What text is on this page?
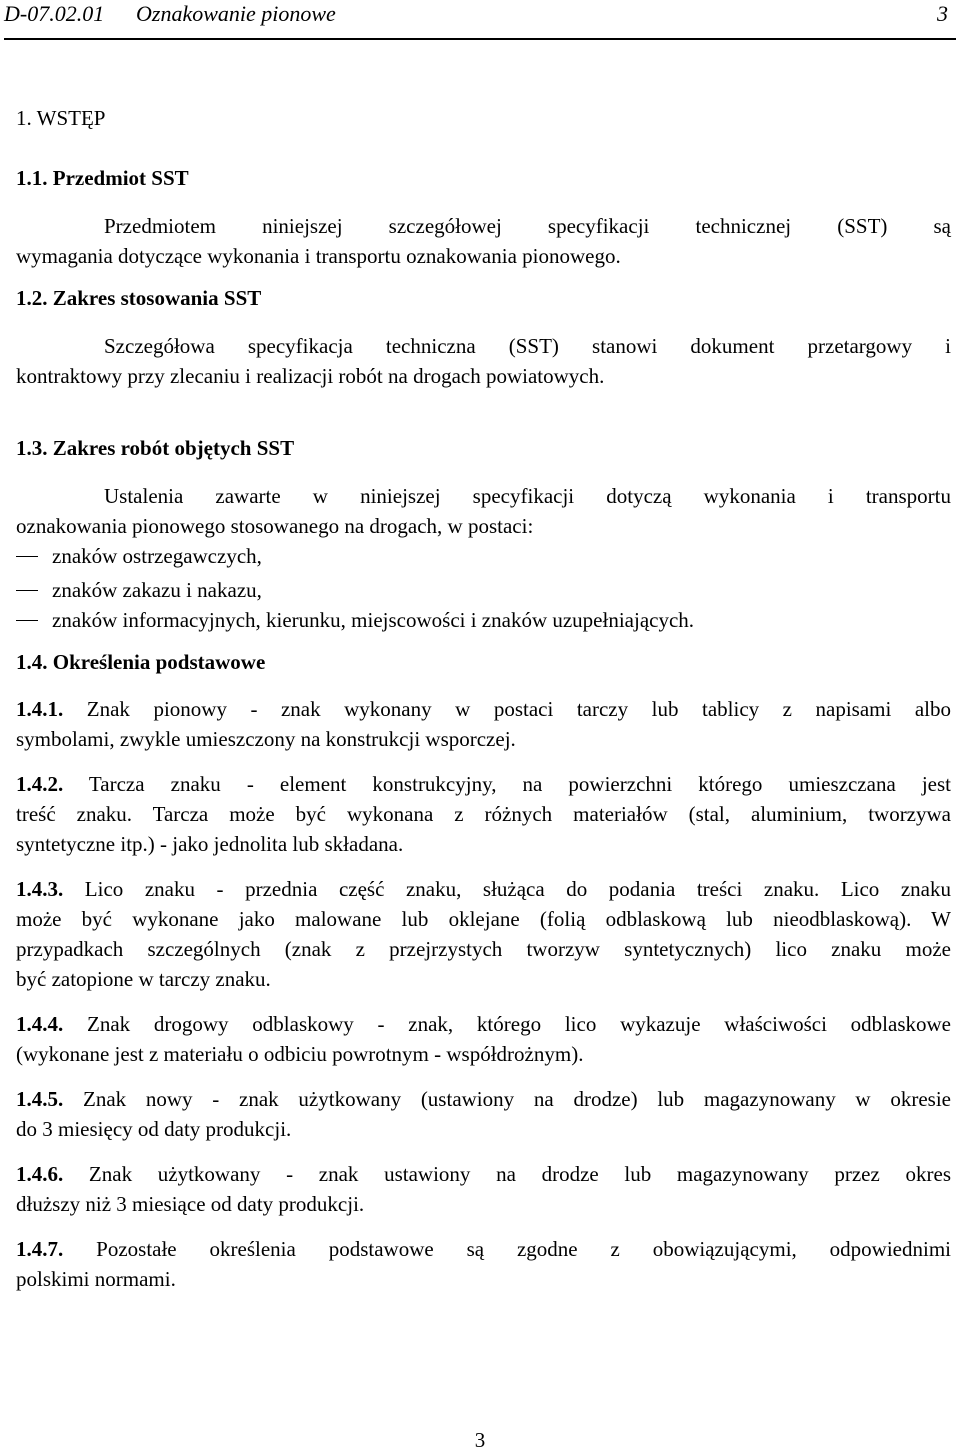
D-07.02.01 Oznakowanie pionowe	3
1. WSTĘP
1.1. Przedmiot SST
Przedmiotem niniejszej szczegółowej specyfikacji technicznej (SST) są
wymagania dotyczące wykonania i transportu oznakowania pionowego.
1.2. Zakres stosowania SST
Szczegółowa specyfikacja techniczna (SST) stanowi dokument przetargowy i
kontraktowy przy zlecaniu i realizacji robót na drogach powiatowych.
1.3. Zakres robót objętych SST
Ustalenia zawarte w niniejszej specyfikacji dotyczą wykonania i transportu
oznakowania pionowego stosowanego na drogach, w postaci:
znaków ostrzegawczych,
znaków zakazu i nakazu,
znaków informacyjnych, kierunku, miejscowości i znaków uzupełniających.
1.4. Określenia podstawowe
1.4.1. Znak pionowy - znak wykonany w postaci tarczy lub tablicy z napisami albo
symbolami, zwykle umieszczony na konstrukcji wsporczej.
1.4.2. Tarcza znaku - element konstrukcyjny, na powierzchni którego umieszczana jest
treść znaku. Tarcza może być wykonana z różnych materiałów (stal, aluminium, tworzywa
syntetyczne itp.) - jako jednolita lub składana.
1.4.3. Lico znaku - przednia część znaku, służąca do podania treści znaku. Lico znaku
może być wykonane jako malowane lub oklejane (folią odblaskową lub nieodblaskową). W
przypadkach szczególnych (znak z przejrzystych tworzyw syntetycznych) lico znaku może
być zatopione w tarczy znaku.
1.4.4. Znak drogowy odblaskowy - znak, którego lico wykazuje właściwości odblaskowe
(wykonane jest z materiału o odbiciu powrotnym - współdrożnym).
1.4.5. Znak nowy - znak użytkowany (ustawiony na drodze) lub magazynowany w okresie
do 3 miesięcy od daty produkcji.
1.4.6. Znak użytkowany - znak ustawiony na drodze lub magazynowany przez okres
dłuższy niż 3 miesiące od daty produkcji.
1.4.7. Pozostałe określenia podstawowe są zgodne z obowiązującymi, odpowiednimi
polskimi normami.
3
